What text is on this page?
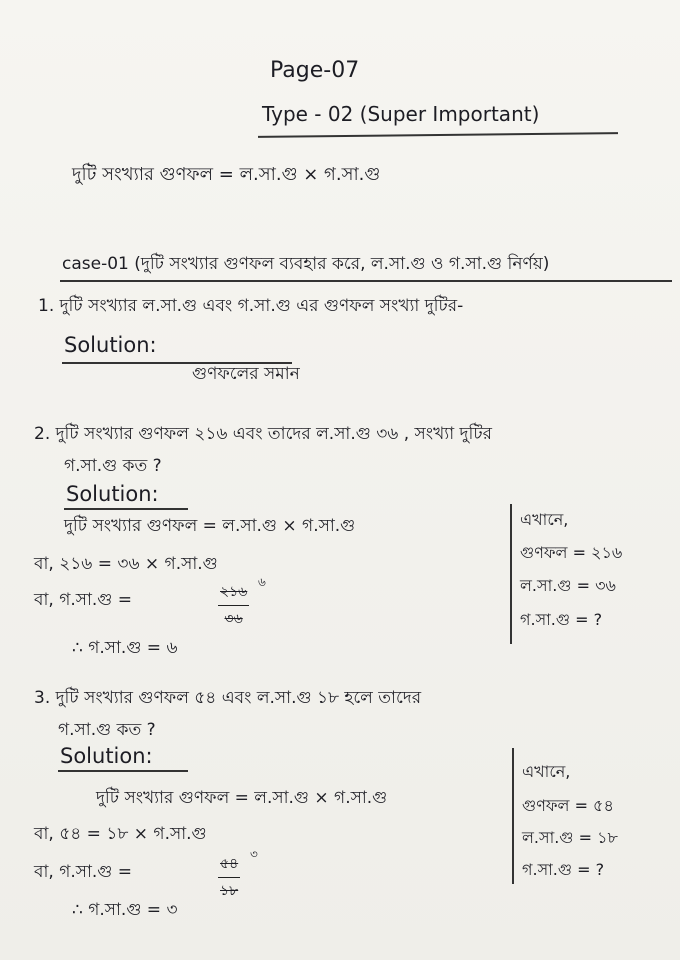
Page-07
Type - 02 (Super Important)
দুটি সংখ্যার গুণফল = ল.সা.গু × গ.সা.গু
case-01 (দুটি সংখ্যার গুণফল ব্যবহার করে, ল.সা.গু ও গ.সা.গু নির্ণয়)
1. দুটি সংখ্যার ল.সা.গু এবং গ.সা.গু এর গুণফল সংখ্যা দুটির-
Solution:
গুণফলের সমান
2. দুটি সংখ্যার গুণফল ২১৬ এবং তাদের ল.সা.গু ৩৬ , সংখ্যা দুটির
গ.সা.গু কত ?
Solution:
দুটি সংখ্যার গুণফল = ল.সা.গু × গ.সা.গু
বা, ২১৬ = ৩৬ × গ.সা.গু
বা, গ.সা.গু =	২১৬
৩৬
৬
∴ গ.সা.গু = ৬
এখানে,
গুণফল = ২১৬
ল.সা.গু = ৩৬
গ.সা.গু = ?
3. দুটি সংখ্যার গুণফল ৫৪ এবং ল.সা.গু ১৮ হলে তাদের
গ.সা.গু কত ?
Solution:
দুটি সংখ্যার গুণফল = ল.সা.গু × গ.সা.গু
বা, ৫৪ = ১৮ × গ.সা.গু
বা, গ.সা.গু =	৫৪
১৮
৩
∴ গ.সা.গু = ৩
এখানে,
গুণফল = ৫৪
ল.সা.গু = ১৮
গ.সা.গু = ?
